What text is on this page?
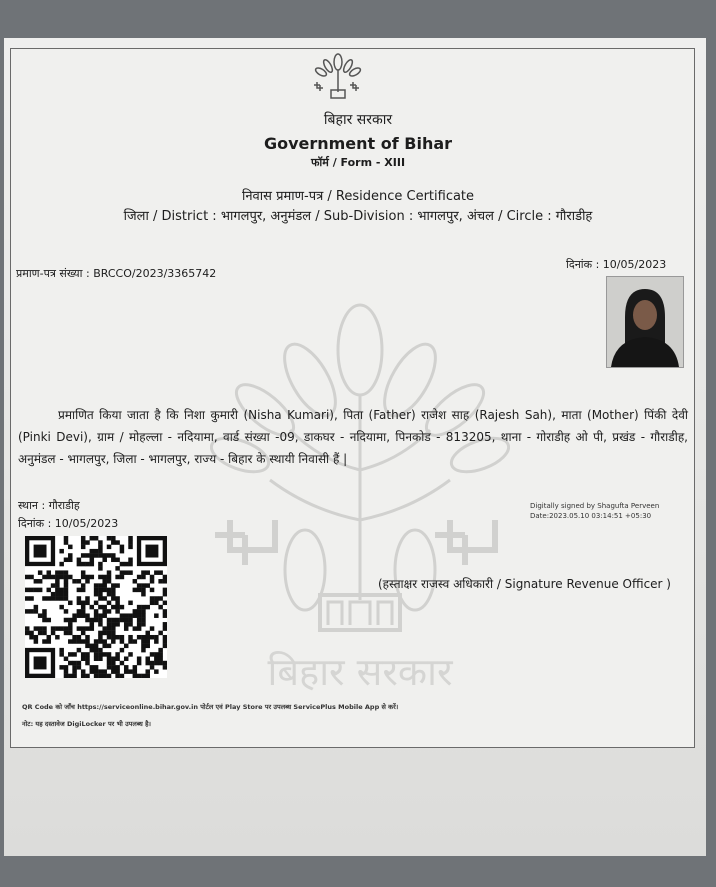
बिहार सरकार
बिहार सरकार
Government of Bihar
फॉर्म / Form - XIII
निवास प्रमाण-पत्र / Residence Certificate
जिला / District : भागलपुर, अनुमंडल / Sub-Division : भागलपुर, अंचल / Circle : गौराडीह
प्रमाण-पत्र संख्या : BRCCO/2023/3365742
दिनांक : 10/05/2023
प्रमाणित किया जाता है कि निशा कुमारी (Nisha Kumari), पिता (Father) राजेश साह (Rajesh Sah), माता (Mother) पिंकी देवी (Pinki Devi), ग्राम / मोहल्ला - नदियामा, वार्ड संख्या -09, डाकघर - नदियामा, पिनकोड - 813205, थाना - गोराडीह ओ पी, प्रखंड - गौराडीह, अनुमंडल - भागलपुर, जिला - भागलपुर, राज्य - बिहार के स्थायी निवासी हैं |
स्थान : गौराडीह
दिनांक : 10/05/2023
Digitally signed by Shagufta Perveen
Date:2023.05.10 03:14:51 +05:30
(हस्ताक्षर राजस्व अधिकारी / Signature Revenue Officer )
QR Code को जाँच https://serviceonline.bihar.gov.in पोर्टल एवं Play Store पर उपलब्ध ServicePlus Mobile App से करें।
नोट: यह दस्तावेज DigiLocker पर भी उपलब्ध है।
